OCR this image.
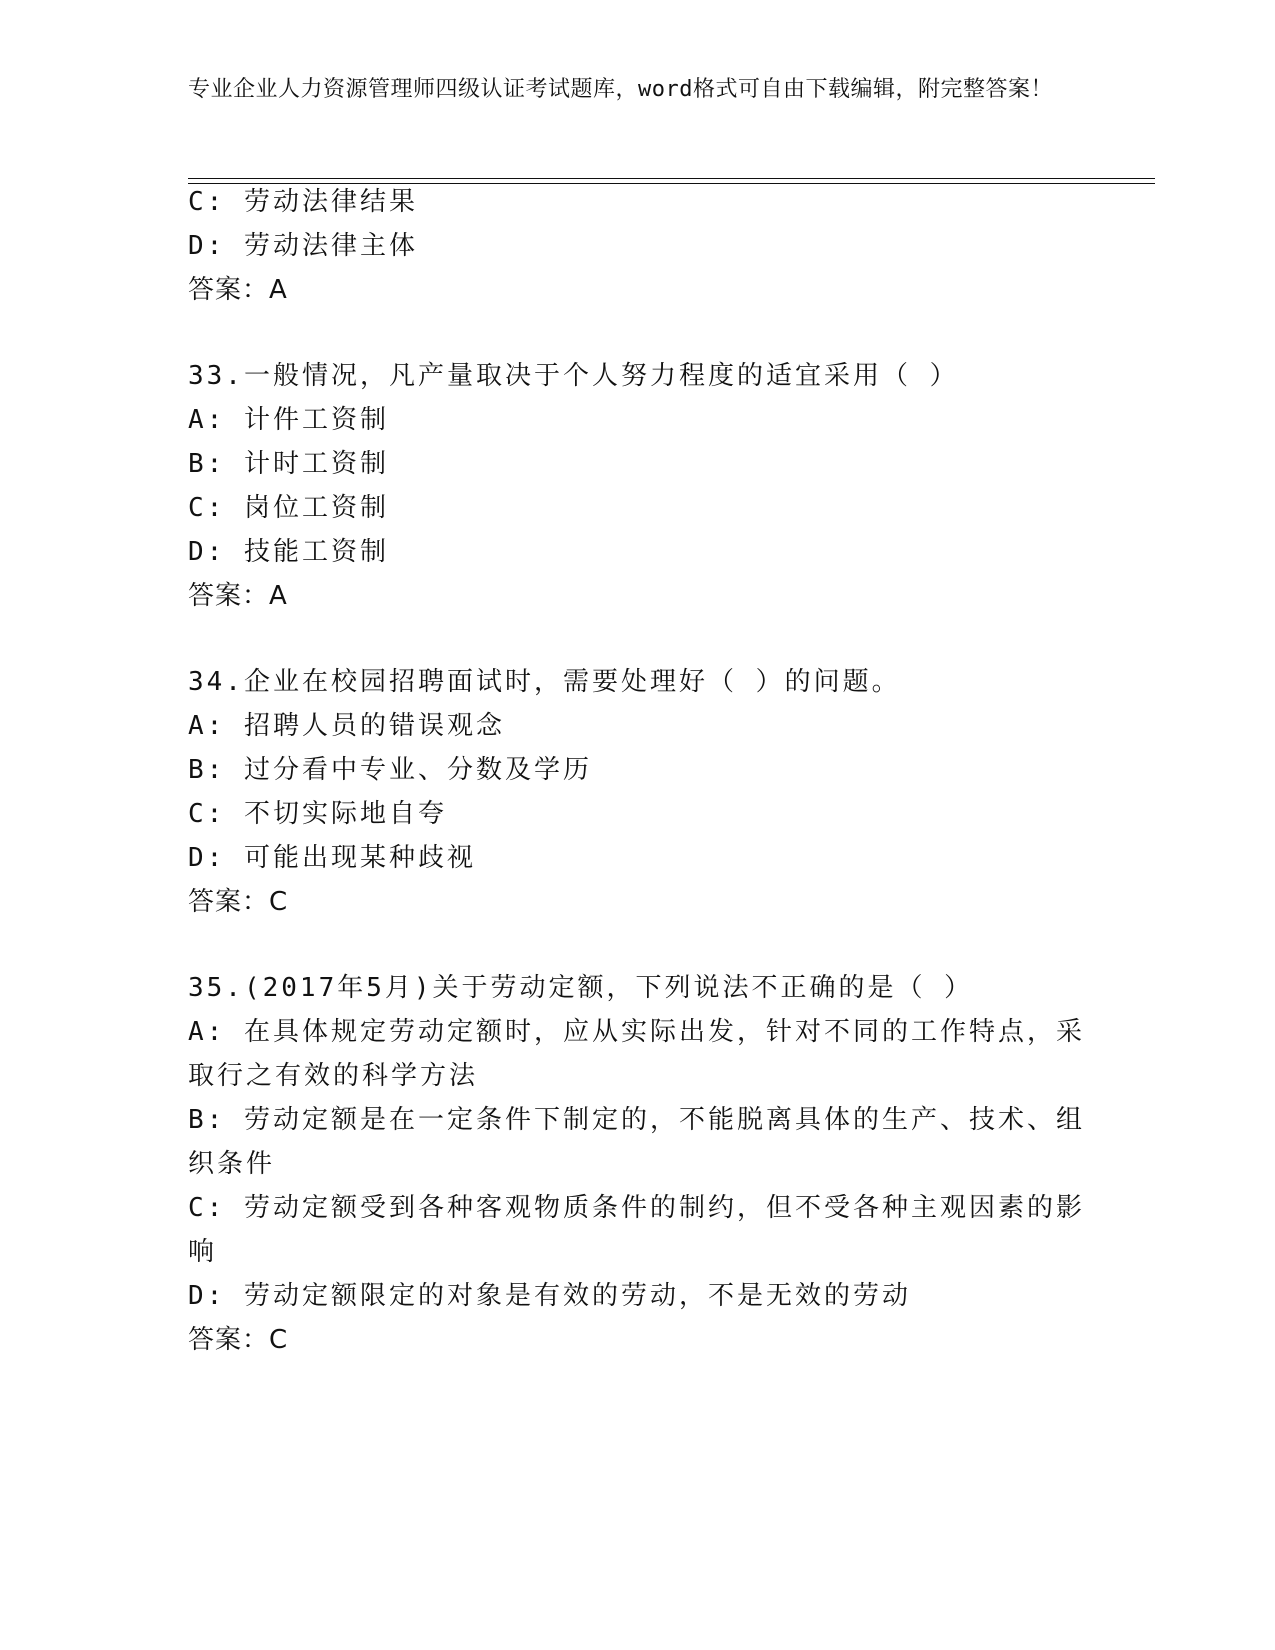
专业企业人力资源管理师四级认证考试题库，word格式可自由下载编辑，附完整答案！
C: 劳动法律结果
D: 劳动法律主体
答案：A
33.一般情况，凡产量取决于个人努力程度的适宜采用（ ）
A: 计件工资制
B: 计时工资制
C: 岗位工资制
D: 技能工资制
答案：A
34.企业在校园招聘面试时，需要处理好（ ）的问题。
A: 招聘人员的错误观念
B: 过分看中专业、分数及学历
C: 不切实际地自夸
D: 可能出现某种歧视
答案：C
35.(2017年5月)关于劳动定额，下列说法不正确的是（ ）
A: 在具体规定劳动定额时，应从实际出发，针对不同的工作特点，采
取行之有效的科学方法
B: 劳动定额是在一定条件下制定的，不能脱离具体的生产、技术、组
织条件
C: 劳动定额受到各种客观物质条件的制约，但不受各种主观因素的影
响
D: 劳动定额限定的对象是有效的劳动，不是无效的劳动
答案：C
